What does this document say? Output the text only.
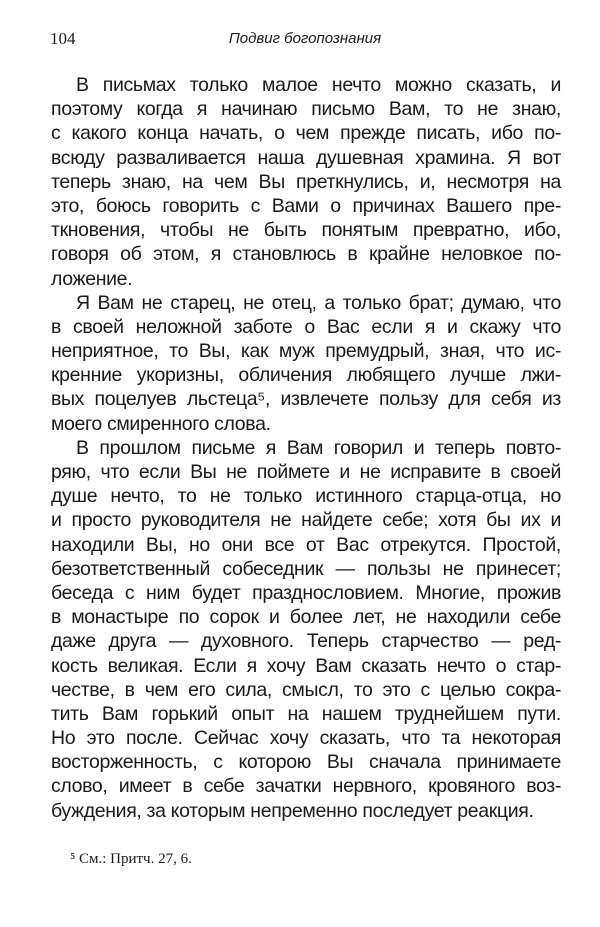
104	Подвиг богопознания
В письмах только малое нечто можно сказать, и
поэтому когда я начинаю письмо Вам, то не знаю,
с какого конца начать, о чем прежде писать, ибо по-
всюду разваливается наша душевная храмина. Я вот
теперь знаю, на чем Вы преткнулись, и, несмотря на
это, боюсь говорить с Вами о причинах Вашего пре-
ткновения, чтобы не быть понятым превратно, ибо,
говоря об этом, я становлюсь в крайне неловкое по-
ложение.
Я Вам не старец, не отец, а только брат; думаю, что
в своей неложной заботе о Вас если я и скажу что
неприятное, то Вы, как муж премудрый, зная, что ис-
кренние укоризны, обличения любящего лучше лжи-
вых поцелуев льстеца⁵, извлечете пользу для себя из
моего смиренного слова.
В прошлом письме я Вам говорил и теперь повто-
ряю, что если Вы не поймете и не исправите в своей
душе нечто, то не только истинного старца-отца, но
и просто руководителя не найдете себе; хотя бы их и
находили Вы, но они все от Вас отрекутся. Простой,
безответственный собеседник — пользы не принесет;
беседа с ним будет празднословием. Многие, прожив
в монастыре по сорок и более лет, не находили себе
даже друга — духовного. Теперь старчество — ред-
кость великая. Если я хочу Вам сказать нечто о стар-
честве, в чем его сила, смысл, то это с целью сокра-
тить Вам горький опыт на нашем труднейшем пути.
Но это после. Сейчас хочу сказать, что та некоторая
восторженность, с которою Вы сначала принимаете
слово, имеет в себе зачатки нервного, кровяного воз-
буждения, за которым непременно последует реакция.
⁵ См.: Притч. 27, 6.
